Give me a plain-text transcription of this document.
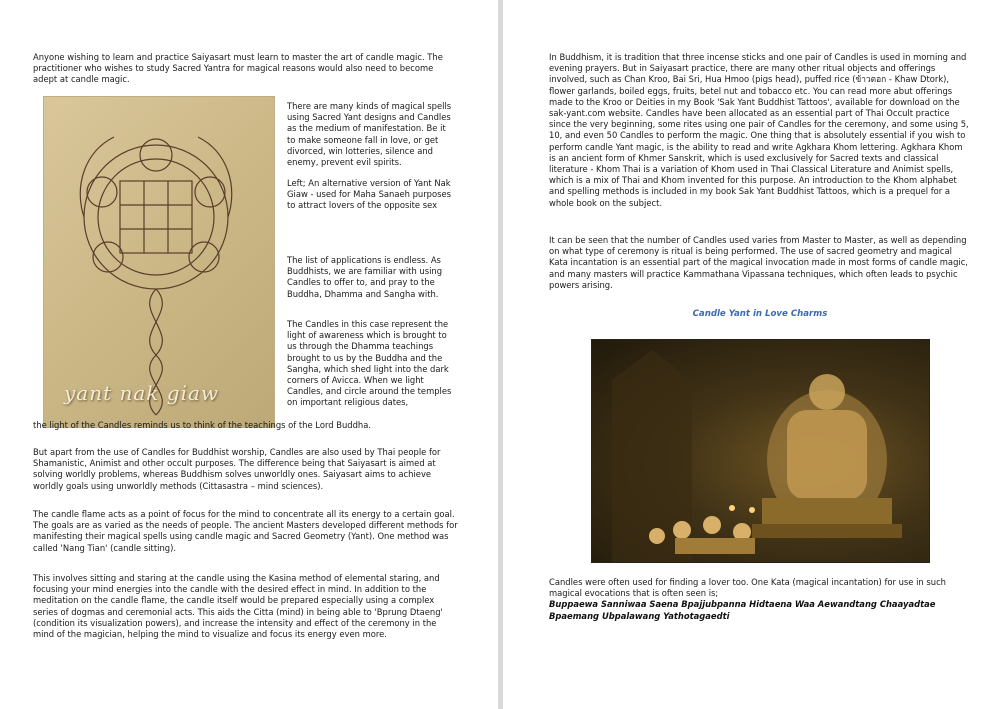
Anyone wishing to learn and practice Saiyasart must learn to master the art of candle magic. The practitioner who wishes to study Sacred Yantra for magical reasons would also need to become adept at candle magic.

yant nak giaw

There are many kinds of magical spells using Sacred Yant designs and Candles as the medium of manifestation. Be it to make someone fall in love, or get divorced, win lotteries, silence and enemy, prevent evil spirits.

Left; An alternative version of Yant Nak Giaw - used for Maha Sanaeh purposes to attract lovers of the opposite sex

The list of applications is endless. As Buddhists, we are familiar with using Candles to offer to, and pray to the Buddha, Dhamma and Sangha with.

The Candles in this case represent the light of awareness which is brought to us through the Dhamma teachings brought to us by the Buddha and the Sangha, which shed light into the dark corners of Avicca. When we light Candles, and circle around the temples on important religious dates,

the light of the Candles reminds us to think of the teachings of the Lord Buddha.

But apart from the use of Candles for Buddhist worship, Candles are also used by Thai people for Shamanistic, Animist and other occult purposes. The difference being that Saiyasart is aimed at solving worldly problems, whereas Buddhism solves unworldly ones. Saiyasart aims to achieve worldly goals using unworldly methods (Cittasastra – mind sciences).

The candle flame acts as a point of focus for the mind to concentrate all its energy to a certain goal. The goals are as varied as the needs of people. The ancient Masters developed different methods for manifesting their magical spells using candle magic and Sacred Geometry (Yant). One method was called 'Nang Tian' (candle sitting).

This involves sitting and staring at the candle using the Kasina method of elemental staring, and focusing your mind energies into the candle with the desired effect in mind. In addition to the meditation on the candle flame, the candle itself would be prepared especially using a complex series of dogmas and ceremonial acts. This aids the Citta (mind) in being able to 'Bprung Dtaeng' (condition its visualization powers), and increase the intensity and effect of the ceremony in the mind of the magician, helping the mind to visualize and focus its energy even more.

In Buddhism, it is tradition that three incense sticks and one pair of Candles is used in morning and evening prayers. But in Saiyasart practice, there are many other ritual objects and offerings involved, such as Chan Kroo, Bai Sri, Hua Hmoo (pigs head), puffed rice (ข้าวตอก - Khaw Dtork), flower garlands, boiled eggs, fruits, betel nut and tobacco etc. You can read more abut offerings made to the Kroo or Deities in my Book 'Sak Yant Buddhist Tattoos', available for download on the sak-yant.com website. Candles have been allocated as an essential part of Thai Occult practice since the very beginning, some rites using one pair of Candles for the ceremony, and some using 5, 10, and even 50 Candles to perform the magic. One thing that is absolutely essential if you wish to perform candle Yant magic, is the ability to read and write Agkhara Khom lettering. Agkhara Khom is an ancient form of Khmer Sanskrit, which is used exclusively for Sacred texts and classical literature - Khom Thai is a variation of Khom used in Thai Classical Literature and Animist spells, which is a mix of Thai and Khom invented for this purpose. An introduction to the Khom alphabet and spelling methods is included in my book Sak Yant Buddhist Tattoos, which is a prequel for a whole book on the subject.

It can be seen that the number of Candles used varies from Master to Master, as well as depending on what type of ceremony is ritual is being performed. The use of sacred geometry and magical Kata incantation is an essential part of the magical invocation made in most forms of candle magic, and many masters will practice Kammathana Vipassana techniques, which often leads to psychic powers arising.

Candle Yant in Love Charms

Candles were often used for finding a lover too. One Kata (magical incantation) for use in such magical evocations that is often seen is;

Buppaewa Sanniwaa Saena Bpajjubpanna Hidtaena Waa Aewandtang Chaayadtae Bpaemang Ubpalawang Yathotagaedti
